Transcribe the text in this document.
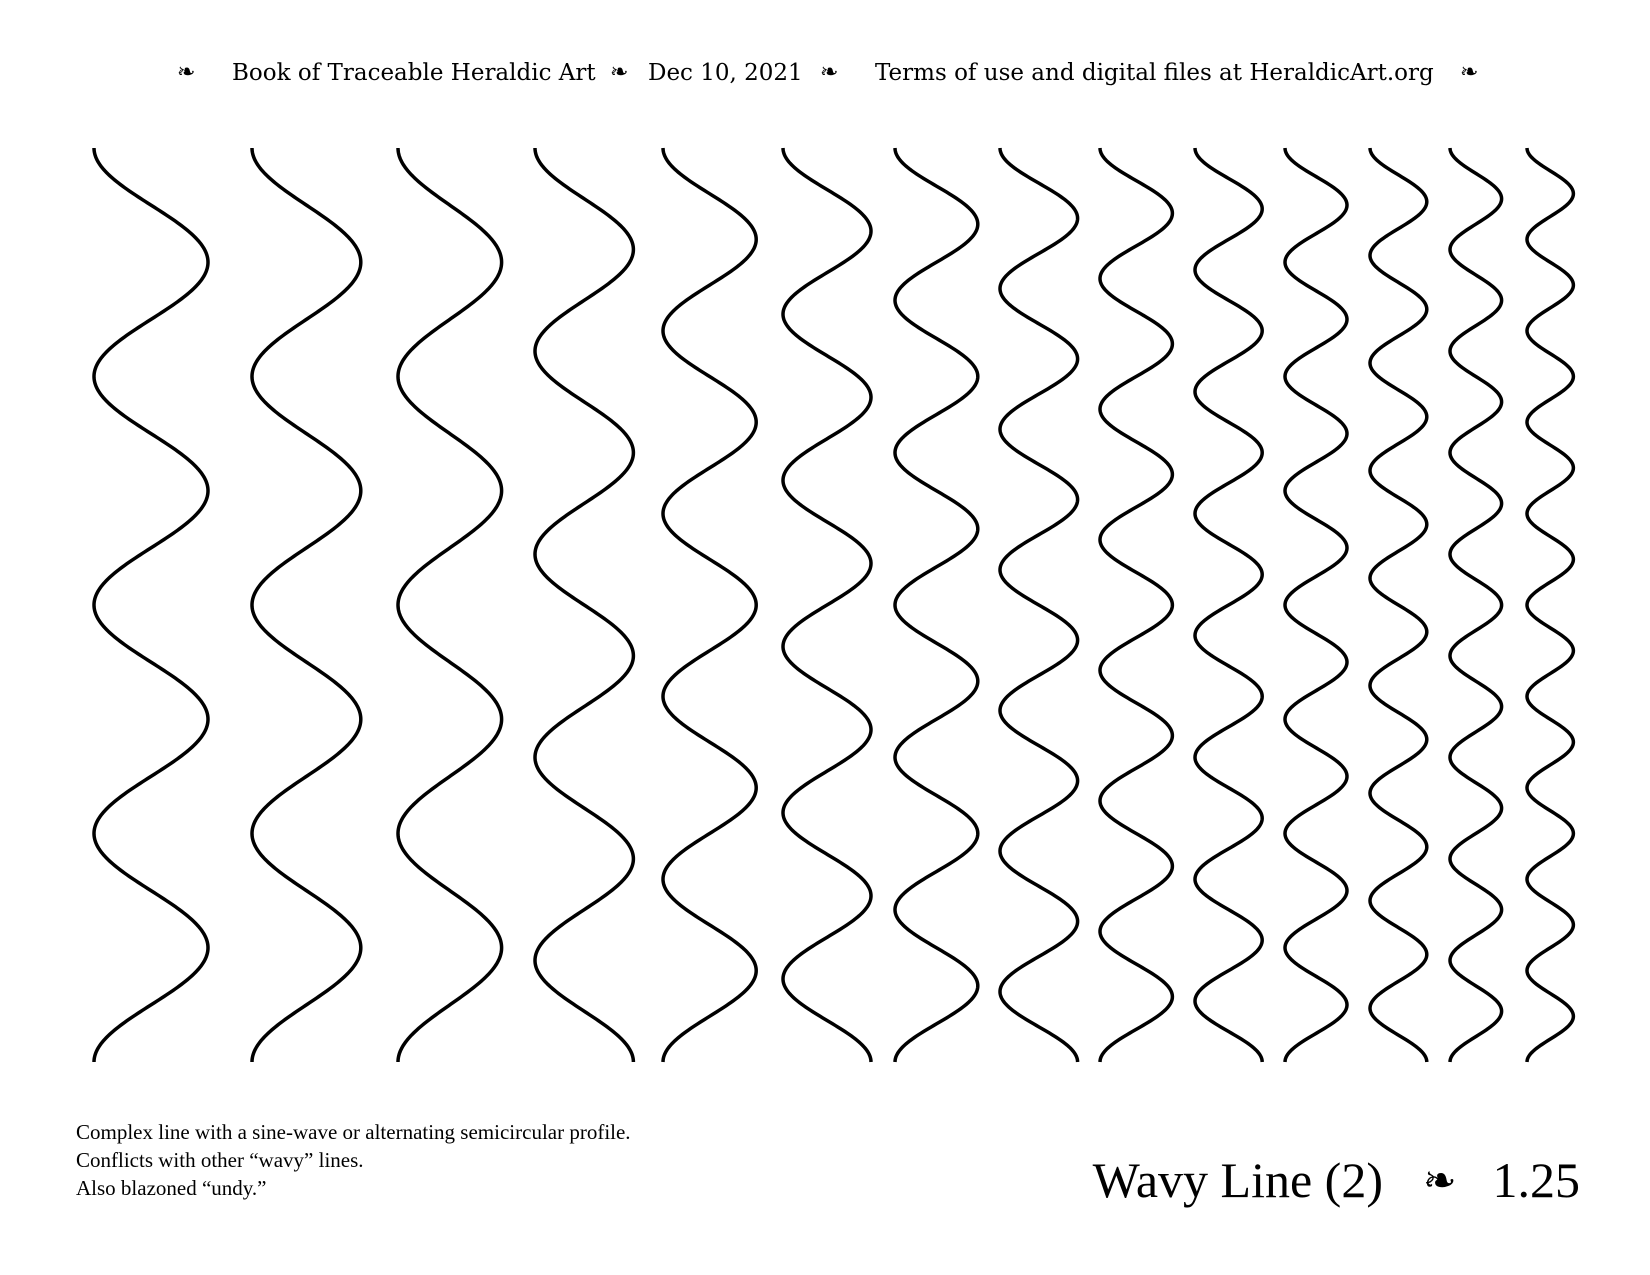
❧ Book of Traceable Heraldic Art ❧ Dec 10, 2021 ❧ Terms of use and digital files at HeraldicArt.org ❧
Complex line with a sine-wave or alternating semicircular profile.
Conflicts with other “wavy” lines.
Also blazoned “undy.”	Wavy Line (2) ❧ 1.25
